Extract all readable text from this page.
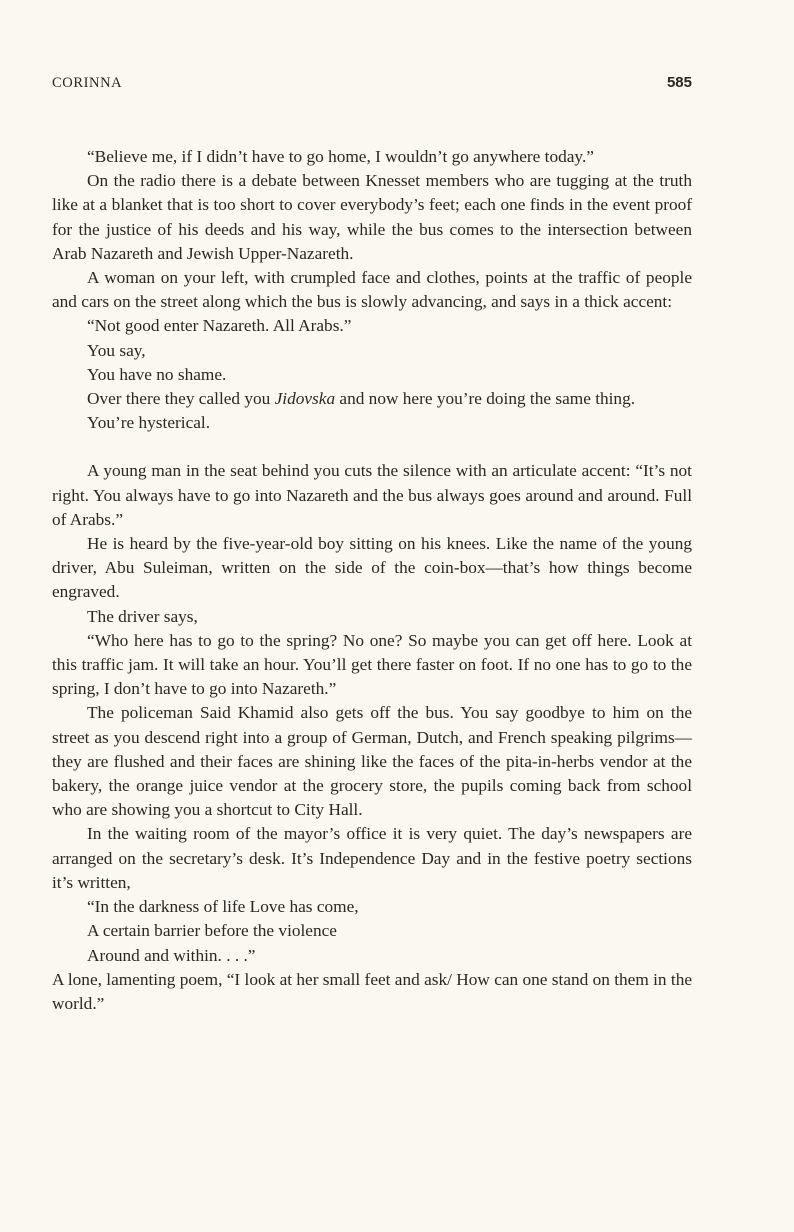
CORINNA	585

“Believe me, if I didn’t have to go home, I wouldn’t go anywhere today.”

On the radio there is a debate between Knesset members who are tugging at the truth like at a blanket that is too short to cover everybody’s feet; each one finds in the event proof for the justice of his deeds and his way, while the bus comes to the intersection between Arab Nazareth and Jewish Upper-Nazareth.

A woman on your left, with crumpled face and clothes, points at the traffic of people and cars on the street along which the bus is slowly advancing, and says in a thick accent:

“Not good enter Nazareth. All Arabs.”

You say,

You have no shame.

Over there they called you Jidovska and now here you’re doing the same thing.

You’re hysterical.

A young man in the seat behind you cuts the silence with an articulate accent: “It’s not right. You always have to go into Nazareth and the bus always goes around and around. Full of Arabs.”

He is heard by the five-year-old boy sitting on his knees. Like the name of the young driver, Abu Suleiman, written on the side of the coin-box—that’s how things become engraved.

The driver says,

“Who here has to go to the spring? No one? So maybe you can get off here. Look at this traffic jam. It will take an hour. You’ll get there faster on foot. If no one has to go to the spring, I don’t have to go into Nazareth.”

The policeman Said Khamid also gets off the bus. You say goodbye to him on the street as you descend right into a group of German, Dutch, and French speaking pilgrims—they are flushed and their faces are shining like the faces of the pita-in-herbs vendor at the bakery, the orange juice vendor at the grocery store, the pupils coming back from school who are showing you a shortcut to City Hall.

In the waiting room of the mayor’s office it is very quiet. The day’s newspapers are arranged on the secretary’s desk. It’s Independence Day and in the festive poetry sections it’s written,

“In the darkness of life Love has come,

A certain barrier before the violence

Around and within. . . .”

A lone, lamenting poem, “I look at her small feet and ask/ How can one stand on them in the world.”
